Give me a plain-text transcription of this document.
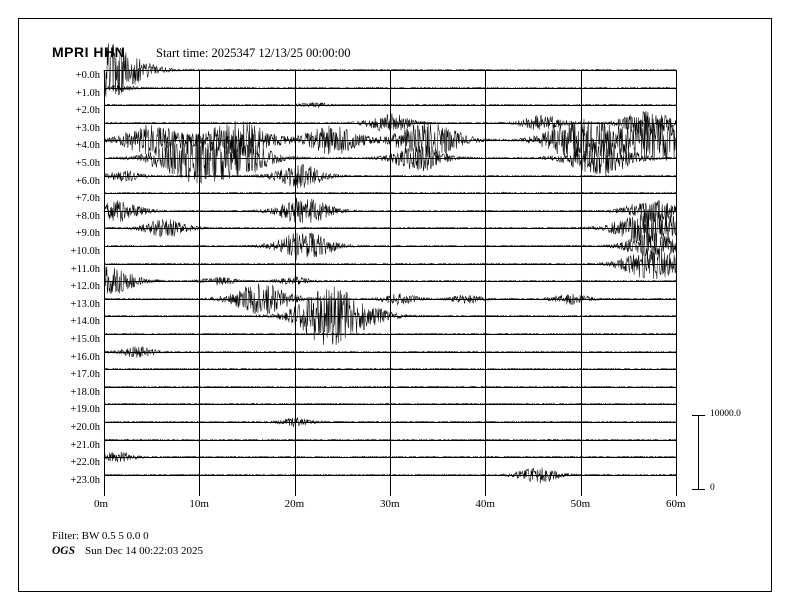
MPRI HHN Start time: 2025347 12/13/25 00:00:00
+0.0h
+1.0h
+2.0h
+3.0h
+4.0h
+5.0h
+6.0h
+7.0h
+8.0h
+9.0h
+10.0h
+11.0h
+12.0h
+13.0h
+14.0h
+15.0h
+16.0h
+17.0h
+18.0h
+19.0h
+20.0h
+21.0h
+22.0h
+23.0h
0m	10m	20m	30m	40m	50m	60m
10000.0
0
Filter: BW 0.5 5 0.0 0
OGS Sun Dec 14 00:22:03 2025
